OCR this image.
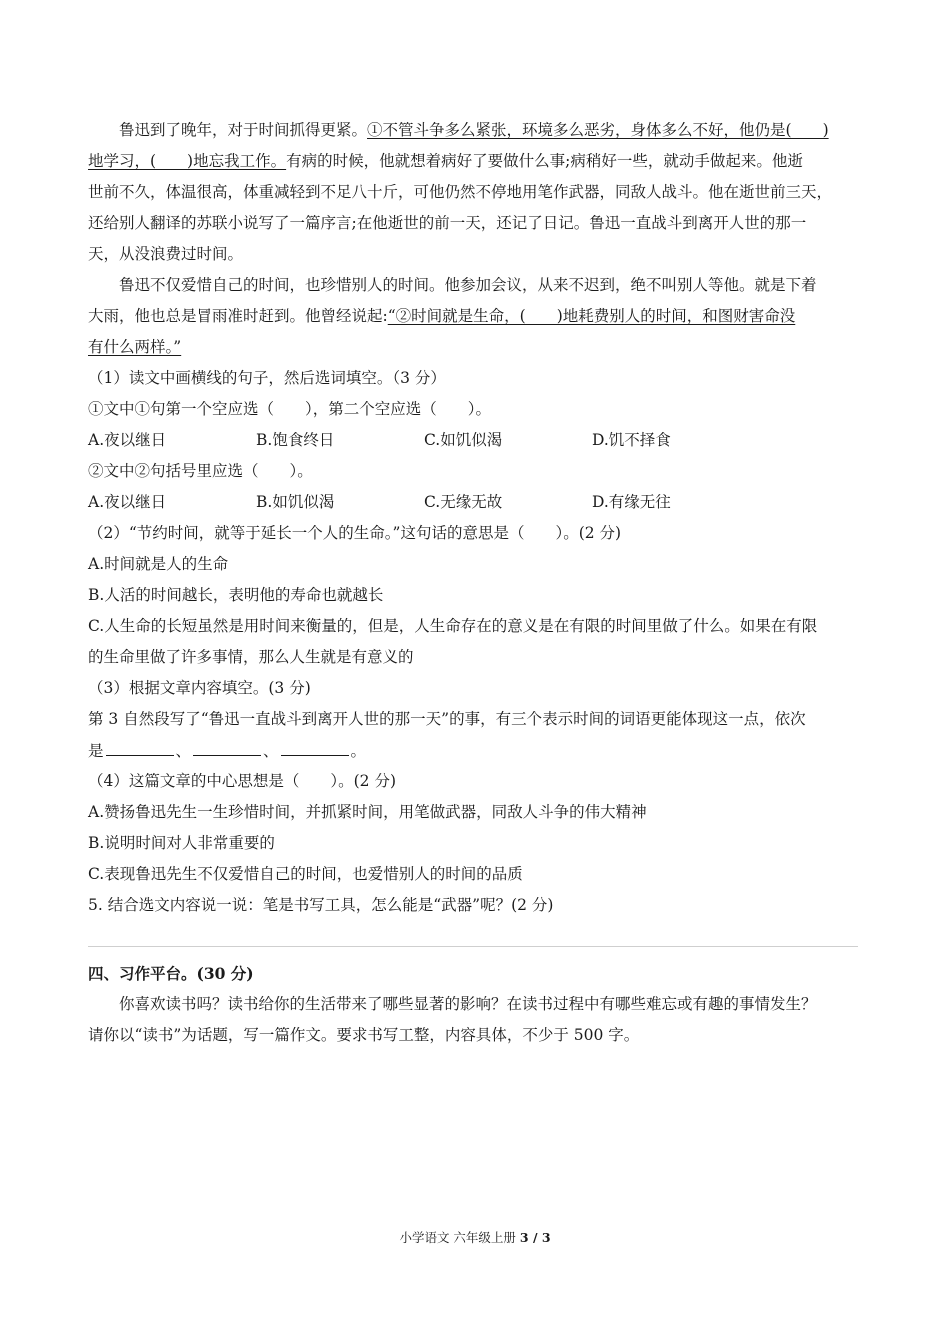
鲁迅到了晚年，对于时间抓得更紧。①不管斗争多么紧张，环境多么恶劣，身体多么不好，他仍是(　　)
地学习，(　　)地忘我工作。有病的时候，他就想着病好了要做什么事;病稍好一些，就动手做起来。他逝
世前不久，体温很高，体重减轻到不足八十斤，可他仍然不停地用笔作武器，同敌人战斗。他在逝世前三天，
还给别人翻译的苏联小说写了一篇序言;在他逝世的前一天，还记了日记。鲁迅一直战斗到离开人世的那一
天，从没浪费过时间。
鲁迅不仅爱惜自己的时间，也珍惜别人的时间。他参加会议，从来不迟到，绝不叫别人等他。就是下着
大雨，他也总是冒雨准时赶到。他曾经说起:“②时间就是生命，(　　)地耗费别人的时间，和图财害命没
有什么两样。”
（1）读文中画横线的句子，然后选词填空。（3 分）
①文中①句第一个空应选（　　），第二个空应选（　　）。
A.夜以继日	B.饱食终日	C.如饥似渴	D.饥不择食
②文中②句括号里应选（　　）。
A.夜以继日	B.如饥似渴	C.无缘无故	D.有缘无往
（2）“节约时间，就等于延长一个人的生命。”这句话的意思是（　　）。(2 分)
A.时间就是人的生命
B.人活的时间越长，表明他的寿命也就越长
C.人生命的长短虽然是用时间来衡量的，但是，人生命存在的意义是在有限的时间里做了什么。如果在有限
的生命里做了许多事情，那么人生就是有意义的
（3）根据文章内容填空。(3 分)
第 3 自然段写了“鲁迅一直战斗到离开人世的那一天”的事，有三个表示时间的词语更能体现这一点，依次
是	、	、	。
（4）这篇文章的中心思想是（　　）。(2 分)
A.赞扬鲁迅先生一生珍惜时间，并抓紧时间，用笔做武器，同敌人斗争的伟大精神
B.说明时间对人非常重要的
C.表现鲁迅先生不仅爱惜自己的时间，也爱惜别人的时间的品质
5. 结合选文内容说一说：笔是书写工具，怎么能是“武器”呢？(2 分)
四、习作平台。(30 分)
你喜欢读书吗？读书给你的生活带来了哪些显著的影响？在读书过程中有哪些难忘或有趣的事情发生？
请你以“读书”为话题，写一篇作文。要求书写工整，内容具体，不少于 500 字。
小学语文 六年级上册 3 / 3
